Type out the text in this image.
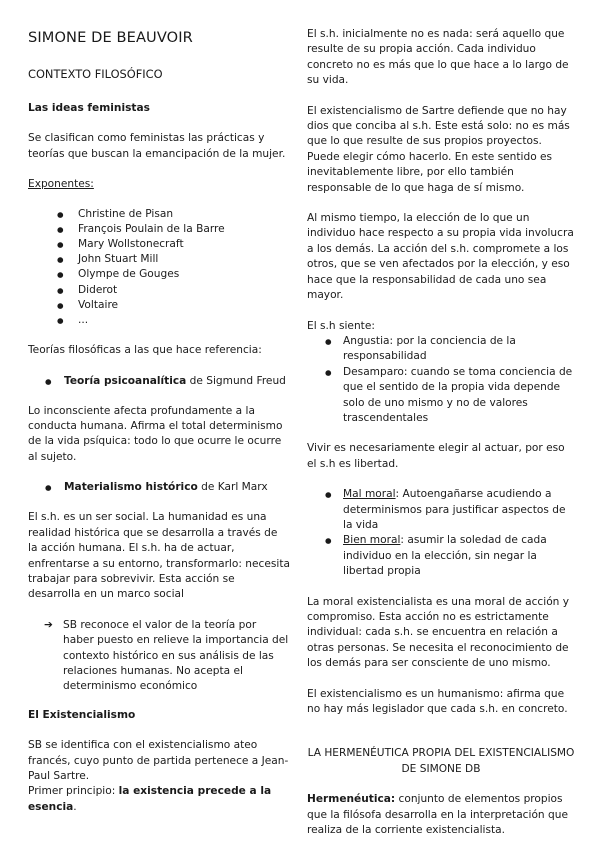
SIMONE DE BEAUVOIR

CONTEXTO FILOSÓFICO

Las ideas feministas

Se clasifican como feministas las prácticas y teorías que buscan la emancipación de la mujer.

Exponentes:

● Christine de Pisan
● François Poulain de la Barre
● Mary Wollstonecraft
● John Stuart Mill
● Olympe de Gouges
● Diderot
● Voltaire
● ...

Teorías filosóficas a las que hace referencia:

● Teoría psicoanalítica de Sigmund Freud

Lo inconsciente afecta profundamente a la conducta humana. Afirma el total determinismo de la vida psíquica: todo lo que ocurre le ocurre al sujeto.

● Materialismo histórico de Karl Marx

El s.h. es un ser social. La humanidad es una realidad histórica que se desarrolla a través de la acción humana. El s.h. ha de actuar, enfrentarse a su entorno, transformarlo: necesita trabajar para sobrevivir. Esta acción se desarrolla en un marco social

➔ SB reconoce el valor de la teoría por haber puesto en relieve la importancia del contexto histórico en sus análisis de las relaciones humanas. No acepta el determinismo económico

El Existencialismo

SB se identifica con el existencialismo ateo francés, cuyo punto de partida pertenece a Jean-Paul Sartre.

Primer principio: la existencia precede a la esencia.

El s.h. inicialmente no es nada: será aquello que resulte de su propia acción. Cada individuo concreto no es más que lo que hace a lo largo de su vida.

El existencialismo de Sartre defiende que no hay dios que conciba al s.h. Este está solo: no es más que lo que resulte de sus propios proyectos. Puede elegir cómo hacerlo. En este sentido es inevitablemente libre, por ello también responsable de lo que haga de sí mismo.

Al mismo tiempo, la elección de lo que un individuo hace respecto a su propia vida involucra a los demás. La acción del s.h. compromete a los otros, que se ven afectados por la elección, y eso hace que la responsabilidad de cada uno sea mayor.

El s.h siente:

● Angustia: por la conciencia de la responsabilidad
● Desamparo: cuando se toma conciencia de que el sentido de la propia vida depende solo de uno mismo y no de valores trascendentales

Vivir es necesariamente elegir al actuar, por eso el s.h es libertad.

● Mal moral: Autoengañarse acudiendo a determinismos para justificar aspectos de la vida
● Bien moral: asumir la soledad de cada individuo en la elección, sin negar la libertad propia

La moral existencialista es una moral de acción y compromiso. Esta acción no es estrictamente individual: cada s.h. se encuentra en relación a otras personas. Se necesita el reconocimiento de los demás para ser consciente de uno mismo.

El existencialismo es un humanismo: afirma que no hay más legislador que cada s.h. en concreto.

LA HERMENÉUTICA PROPIA DEL EXISTENCIALISMO DE SIMONE DB

Hermenéutica: conjunto de elementos propios que la filósofa desarrolla en la interpretación que realiza de la corriente existencialista.
